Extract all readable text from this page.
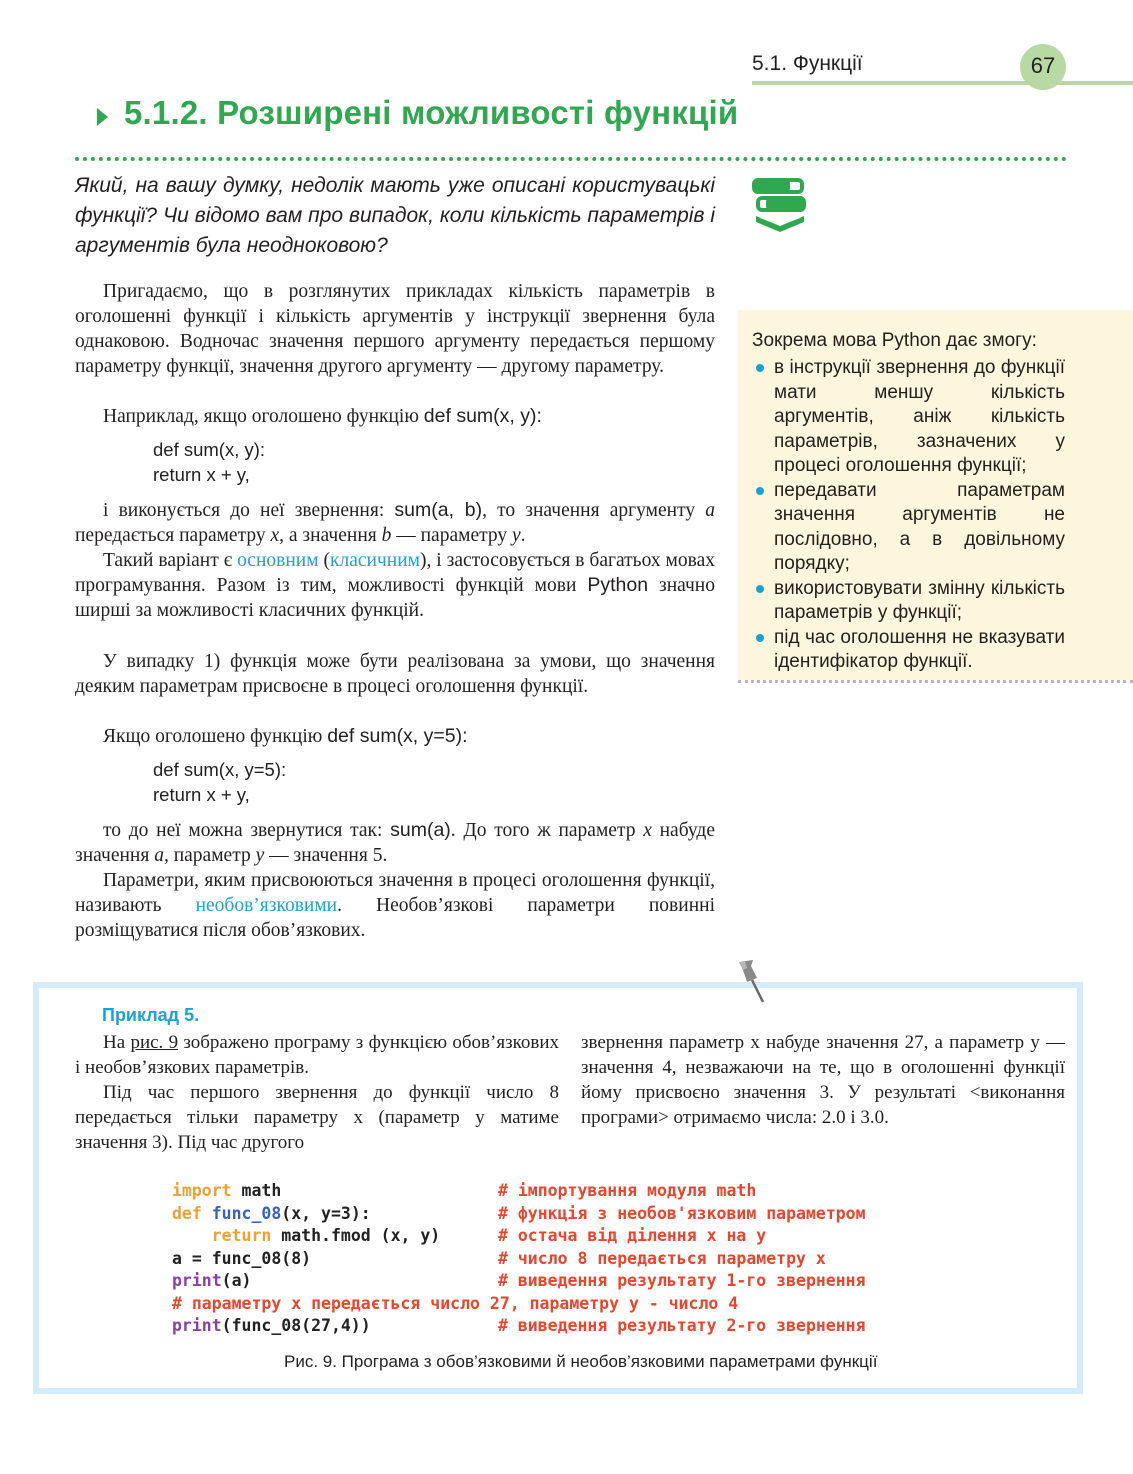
5.1. Функції	67
5.1.2. Розширені можливості функцій
Який, на вашу думку, недолік мають уже описані користувацькі функції? Чи відомо вам про випадок, коли кількість параметрів і аргументів була неодноковою?
Пригадаємо, що в розглянутих прикладах кількість параметрів в оголошенні функції і кількість аргументів у інструкції звернення була однаковою. Водночас значення першого аргументу передається першому параметру функції, значення другого аргументу — другому параметру.
Наприклад, якщо оголошено функцію def sum(x, y):
def sum(x, y):
return x + y,
і виконується до неї звернення: sum(a, b), то значення аргументу a передається параметру x, а значення b — параметру y.
Такий варіант є основним (класичним), і застосовується в багатьох мовах програмування. Разом із тим, можливості функцій мови Python значно ширші за можливості класичних функцій.
У випадку 1) функція може бути реалізована за умови, що значення деяким параметрам присвоєне в процесі оголошення функції.
Якщо оголошено функцію def sum(x, y=5):
def sum(x, y=5):
return x + y,
то до неї можна звернутися так: sum(a). До того ж параметр x набуде значення a, параметр y — значення 5.
Параметри, яким присвоюються значення в процесі оголошення функції, називають необов’язковими. Необов’язкові параметри повинні розміщуватися після обов’язкових.
Зокрема мова Python дає змогу:
в інструкції звернення до функції мати меншу кількість аргументів, аніж кількість параметрів, зазначених у процесі оголошення функції;
передавати параметрам значення аргументів не послідовно, а в довільному порядку;
використовувати змінну кількість параметрів у функції;
під час оголошення не вказувати ідентифікатор функції.
Приклад 5.
На рис. 9 зображено програму з функцією обов’язкових і необов’язкових параметрів.
Під час першого звернення до функції число 8 передається тільки параметру x (параметр y матиме значення 3). Під час другого
звернення параметр x набуде значення 27, а параметр y — значення 4, незважаючи на те, що в оголошенні функції йому присвоєно значення 3. У результаті <виконання програми> отримаємо числа: 2.0 і 3.0.
import math	# імпортування модуля math
def func_08(x, y=3):	# функція з необов'язковим параметром
return math.fmod (x, y)	# остача від ділення x на y
a = func_08(8)	# число 8 передається параметру x
print(a)	# виведення результату 1-го звернення
# параметру x передається число 27, параметру y - число 4
print(func_08(27,4))	# виведення результату 2-го звернення
Рис. 9. Програма з обов’язковими й необов’язковими параметрами функції
